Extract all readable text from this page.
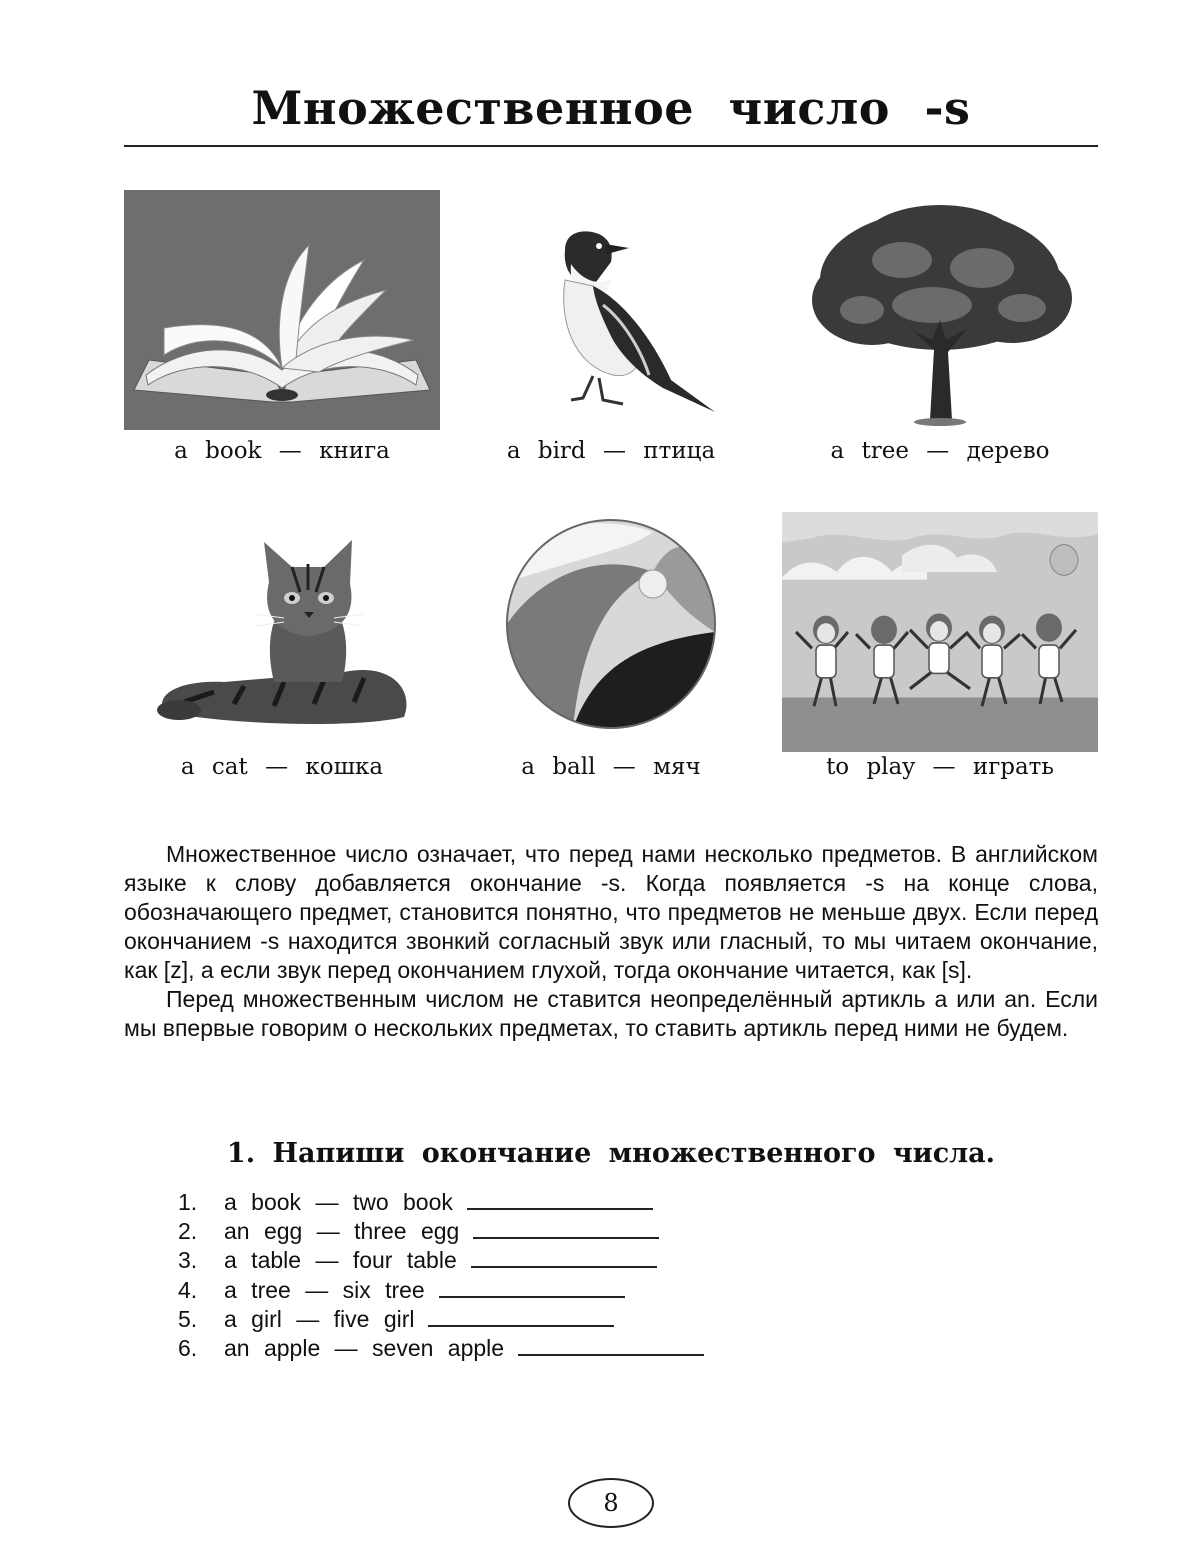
Множественное число -s
a book — книга	a bird — птица	a tree — дерево
a cat — кошка	a ball — мяч	to play — играть

Множественное число означает, что перед нами несколько предметов. В английском языке к слову добавляется окончание -s. Когда появляется -s на конце слова, обозначающего предмет, становится понятно, что предметов не меньше двух. Если перед окончанием -s находится звонкий согласный звук или гласный, то мы читаем окончание, как [z], а если звук перед окончанием глухой, тогда окончание читается, как [s].

Перед множественным числом не ставится неопределённый артикль a или an. Если мы впервые говорим о нескольких предметах, то ставить артикль перед ними не будем.

1. Напиши окончание множественного числа.
1. a book — two book
2. an egg — three egg
3. a table — four table
4. a tree — six tree
5. a girl — five girl
6. an apple — seven apple
8
